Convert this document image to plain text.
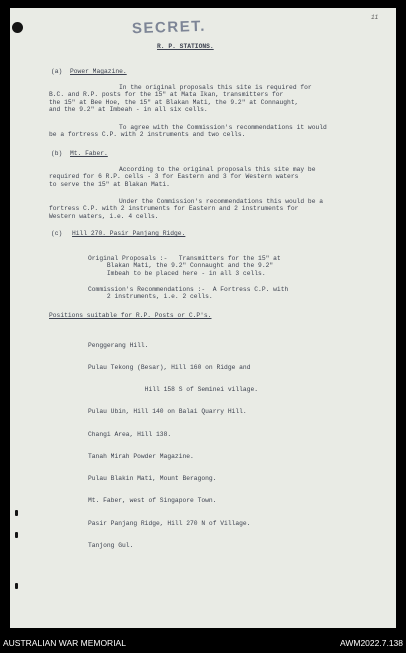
SECRET.
11
R. P. STATIONS.
(a) Power Magazine.
In the original proposals this site is required for
B.C. and R.P. posts for the 15" at Mata Ikan, transmitters for
the 15" at Bee Hoe, the 15" at Blakan Mati, the 9.2" at Connaught,
and the 9.2" at Imbeah - in all six cells.
To agree with the Commission's recommendations it would
be a fortress C.P. with 2 instruments and two cells.
(b) Mt. Faber.
According to the original proposals this site may be
required for 6 R.P. cells - 3 for Eastern and 3 for Western waters
to serve the 15" at Blakan Mati.
Under the Commission's recommendations this would be a
fortress C.P. with 2 instruments for Eastern and 2 instruments for
Western waters, i.e. 4 cells.
(c) Hill 270. Pasir Panjang Ridge.
Original Proposals :-   Transmitters for the 15" at
Blakan Mati, the 9.2" Connaught and the 9.2"
Imbeah to be placed here - in all 3 cells.
Commission's Recommendations :-  A Fortress C.P. with
2 instruments, i.e. 2 cells.
Positions suitable for R.P. Posts or C.P's.

Penggerang Hill.

Pulau Tekong (Besar), Hill 160 on Ridge and

Hill 158 S of Seminei village.

Pulau Ubin, Hill 140 on Balai Quarry Hill.

Changi Area, Hill 138.

Tanah Mirah Powder Magazine.

Pulau Blakin Mati, Mount Beragong.

Mt. Faber, west of Singapore Town.

Pasir Panjang Ridge, Hill 270 N of Village.

Tanjong Gul.

AUSTRALIAN WAR MEMORIAL	AWM2022.7.138
